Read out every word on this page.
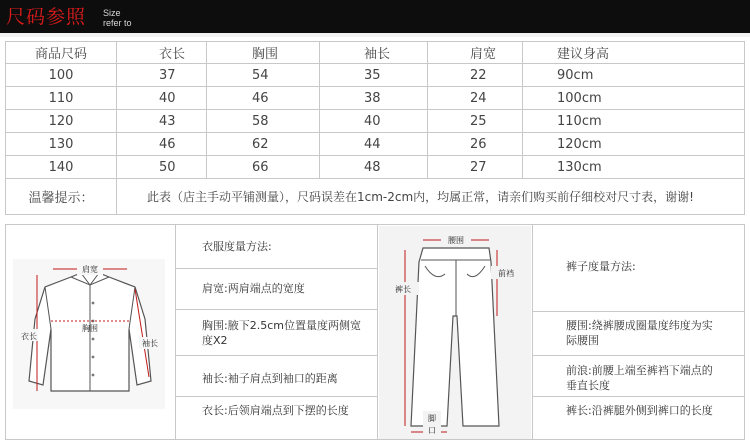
尺码参照 Size
refer to
商品尺码	衣长	胸围	袖长	肩宽	建议身高
100	37	54	35	22	90cm
110	40	46	38	24	100cm
120	43	58	40	25	110cm
130	46	62	44	26	120cm
140	50	66	48	27	130cm
温馨提示：	此表（店主手动平铺测量），尺码误差在1cm-2cm内，均属正常，请亲们购买前仔细校对尺寸表，谢谢!				
肩宽
衣长
胸围
袖长
衣服度量方法:
肩宽:两肩端点的宽度
胸围:腋下2.5cm位置量度两侧宽度X2
袖长:袖子肩点到袖口的距离
衣长:后领肩端点到下摆的长度
腰围
前裆
裤长
脚
口
裤子度量方法:
腰围:绕裤腰成圈量度纬度为实际腰围
前浪:前腰上端至裤裆下端点的垂直长度
裤长:沿裤腿外侧到裤口的长度
